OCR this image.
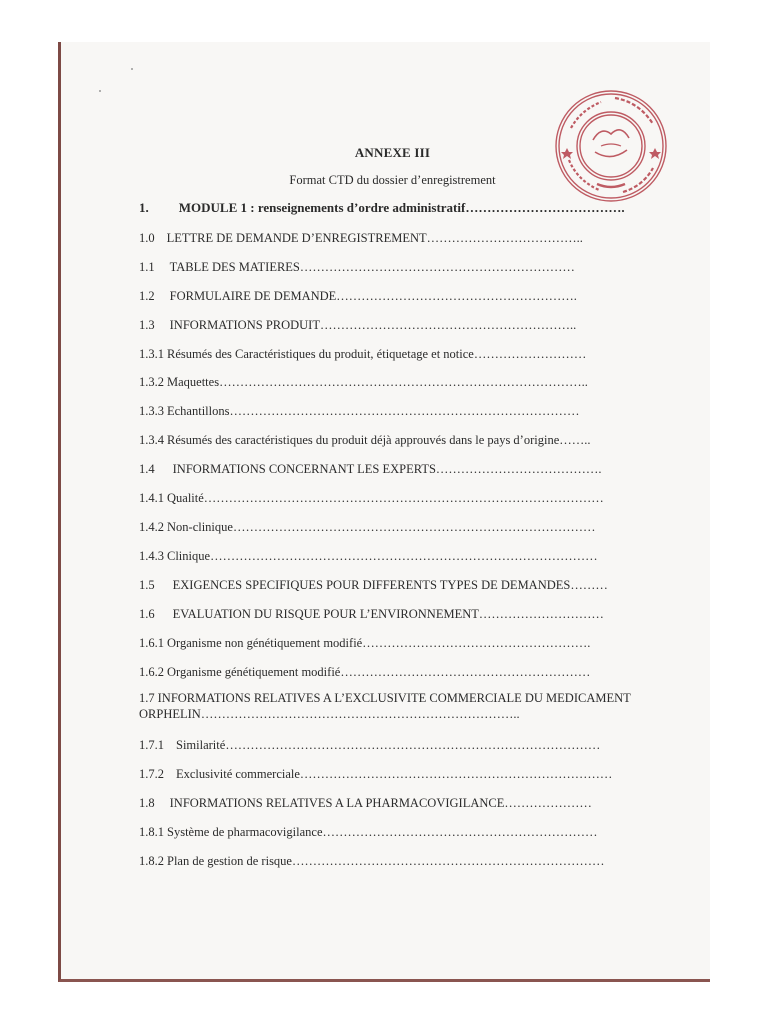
ANNEXE III
Format CTD du dossier d’enregistrement
1. MODULE 1 : renseignements d’ordre administratif……………………………….
1.0 LETTRE DE DEMANDE D’ENREGISTREMENT………………………………..
1.1 TABLE DES MATIERES…………………………………………………………
1.2 FORMULAIRE DE DEMANDE………………………………………………….
1.3 INFORMATIONS PRODUIT……………………………………………………..
1.3.1 Résumés des Caractéristiques du produit, étiquetage et notice………………………
1.3.2 Maquettes……………………………………………………………………………..
1.3.3 Echantillons…………………………………………………………………………
1.3.4 Résumés des caractéristiques du produit déjà approuvés dans le pays d’origine……..
1.4 INFORMATIONS CONCERNANT LES EXPERTS………………………………….
1.4.1 Qualité……………………………………………………………………………………
1.4.2 Non-clinique……………………………………………………………………………
1.4.3 Clinique…………………………………………………………………………………
1.5 EXIGENCES SPECIFIQUES POUR DIFFERENTS TYPES DE DEMANDES………
1.6 EVALUATION DU RISQUE POUR L’ENVIRONNEMENT…………………………
1.6.1 Organisme non génétiquement modifié……………………………………………….
1.6.2 Organisme génétiquement modifié……………………………………………………
1.7 INFORMATIONS RELATIVES A L’EXCLUSIVITE COMMERCIALE DU MEDICAMENT ORPHELIN…………………………………………………………………..
1.7.1 Similarité………………………………………………………………………………
1.7.2 Exclusivité commerciale…………………………………………………………………
1.8 INFORMATIONS RELATIVES A LA PHARMACOVIGILANCE…………………
1.8.1 Système de pharmacovigilance…………………………………………………………
1.8.2 Plan de gestion de risque…………………………………………………………………
